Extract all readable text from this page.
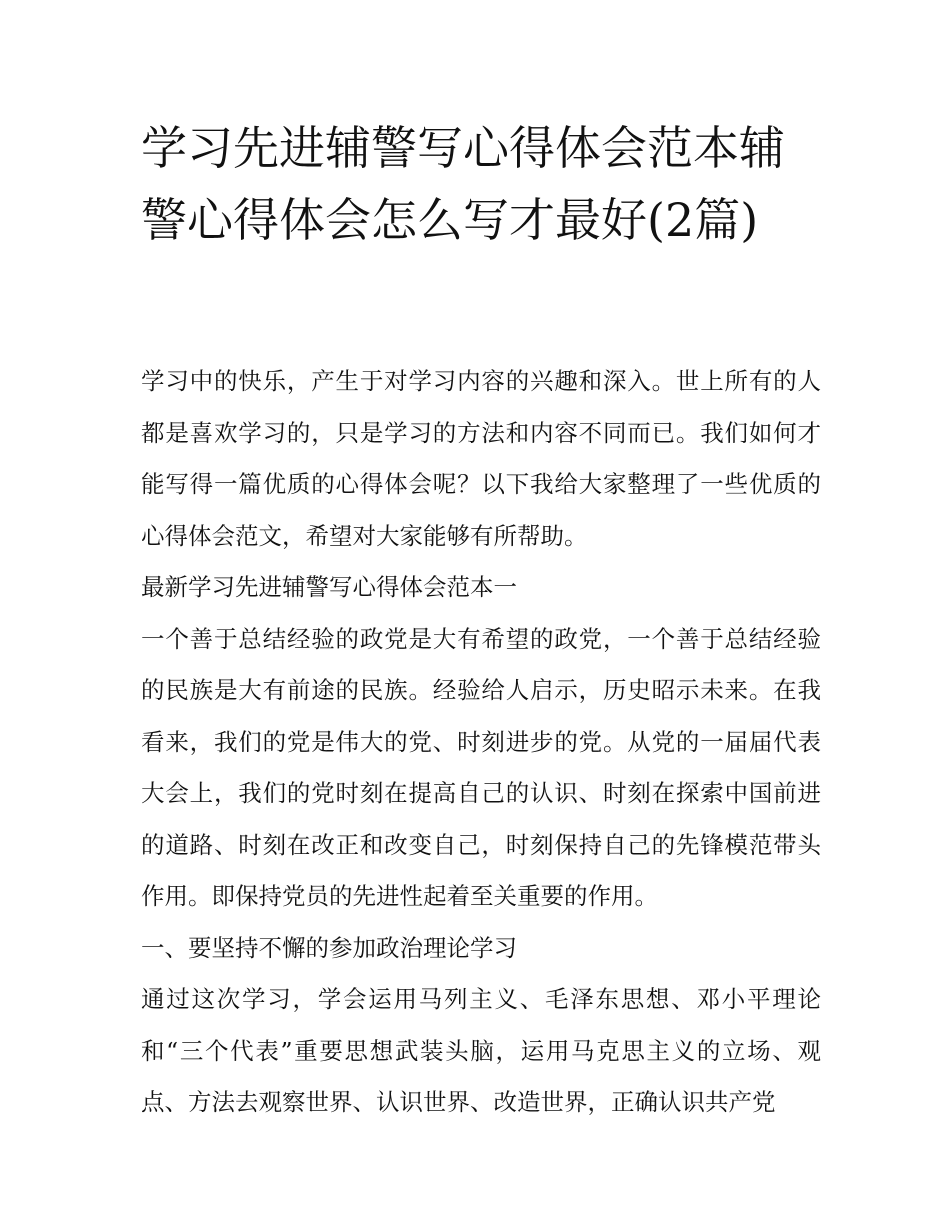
学习先进辅警写心得体会范本辅警心得体会怎么写才最好(2篇)

学习中的快乐，产生于对学习内容的兴趣和深入。世上所有的人都是喜欢学习的，只是学习的方法和内容不同而已。我们如何才能写得一篇优质的心得体会呢？以下我给大家整理了一些优质的心得体会范文，希望对大家能够有所帮助。

最新学习先进辅警写心得体会范本一

一个善于总结经验的政党是大有希望的政党，一个善于总结经验的民族是大有前途的民族。经验给人启示，历史昭示未来。在我看来，我们的党是伟大的党、时刻进步的党。从党的一届届代表大会上，我们的党时刻在提高自己的认识、时刻在探索中国前进的道路、时刻在改正和改变自己，时刻保持自己的先锋模范带头作用。即保持党员的先进性起着至关重要的作用。

一、要坚持不懈的参加政治理论学习

通过这次学习，学会运用马列主义、毛泽东思想、邓小平理论和“三个代表”重要思想武装头脑，运用马克思主义的立场、观点、方法去观察世界、认识世界、改造世界，正确认识共产党
